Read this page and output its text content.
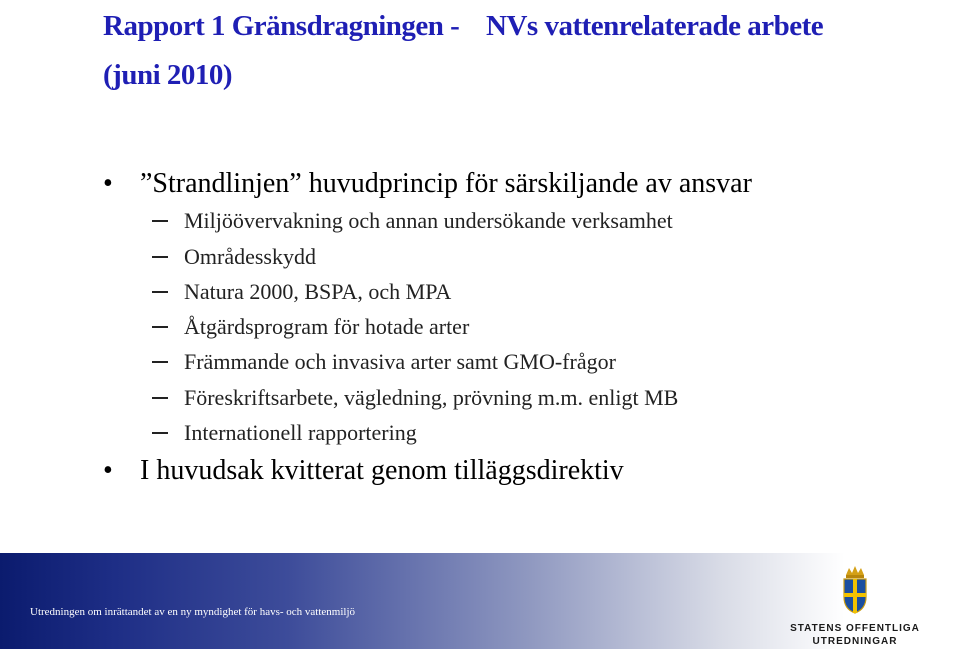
Rapport 1 Gränsdragningen - NVs vattenrelaterade arbete
(juni 2010)
• ”Strandlinjen” huvudprincip för särskiljande av ansvar
Miljöövervakning och annan undersökande verksamhet
Områdesskydd
Natura 2000, BSPA, och MPA
Åtgärdsprogram för hotade arter
Främmande och invasiva arter samt GMO-frågor
Föreskriftsarbete, vägledning, prövning m.m. enligt MB
Internationell rapportering
• I huvudsak kvitterat genom tilläggsdirektiv
Utredningen om inrättandet av en ny myndighet för havs- och vattenmiljö
STATENS OFFENTLIGA
UTREDNINGAR
